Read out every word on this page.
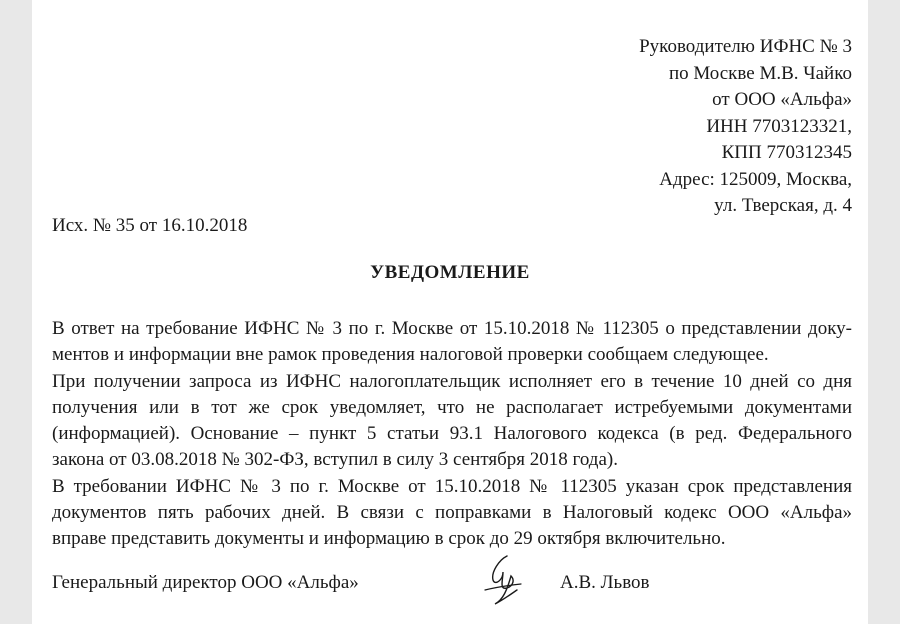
Руководителю ИФНС № 3
по Москве М.В. Чайко
от ООО «Альфа»
ИНН 7703123321,
КПП 770312345
Адрес: 125009, Москва,
ул. Тверская, д. 4
Исх. № 35 от 16.10.2018
УВЕДОМЛЕНИЕ

В ответ на требование ИФНС № 3 по г. Москве от 15.10.2018 № 112305 о представлении доку-

ментов и информации вне рамок проведения налоговой проверки сообщаем следующее.

При получении запроса из ИФНС налогоплательщик исполняет его в течение 10 дней со дня

получения или в тот же срок уведомляет, что не располагает истребуемыми документами

(информацией). Основание – пункт 5 статьи 93.1 Налогового кодекса (в ред. Федерального

закона от 03.08.2018 № 302-ФЗ, вступил в силу 3 сентября 2018 года).

В требовании ИФНС № 3 по г. Москве от 15.10.2018 № 112305 указан срок представления

документов пять рабочих дней. В связи с поправками в Налоговый кодекс ООО «Альфа»

вправе представить документы и информацию в срок до 29 октября включительно.

Генеральный директор ООО «Альфа»	А.В. Львов
